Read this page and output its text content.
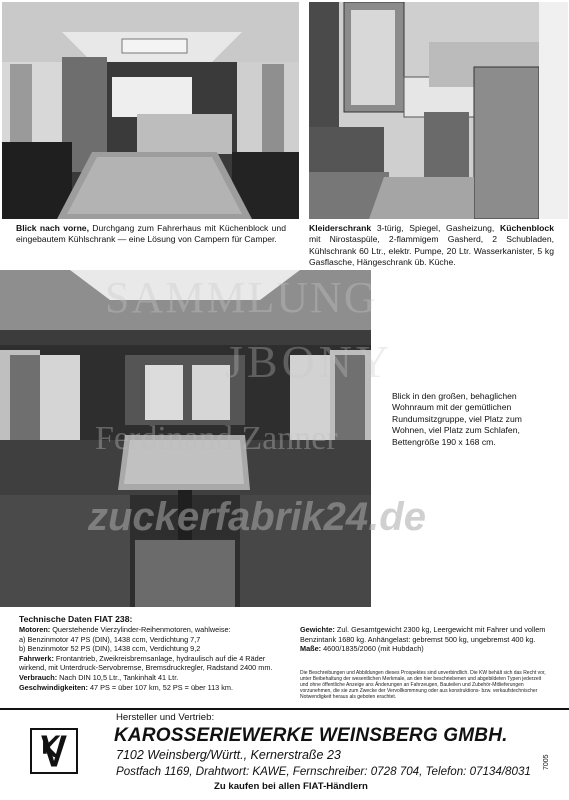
Blick nach vorne, Durchgang zum Fahrerhaus mit Küchenblock und eingebautem Kühlschrank — eine Lösung von Campern für Camper.
Kleiderschrank 3-türig, Spiegel, Gasheizung, Küchenblock mit Nirostaspüle, 2-flammigem Gasherd, 2 Schubladen, Kühlschrank 60 Ltr., elektr. Pumpe, 20 Ltr. Wasserkanister, 5 kg Gasflasche, Hängeschrank üb. Küche.
SAMMLUNG
JBONY
Ferdinand Zanner
zuckerfabrik24.de
Blick in den großen, behaglichen Wohnraum mit der gemütlichen Rundumsitzgruppe, viel Platz zum Wohnen, viel Platz zum Schlafen, Bettengröße 190 x 168 cm.
Technische Daten FIAT 238:
Motoren: Querstehende Vierzylinder-Reihenmotoren, wahlweise:
a) Benzinmotor 47 PS (DIN), 1438 ccm, Verdichtung 7,7
b) Benzinmotor 52 PS (DIN), 1438 ccm, Verdichtung 9,2
Fahrwerk: Frontantrieb, Zweikreisbremsanlage, hydraulisch auf die 4 Räder wirkend, mit Unterdruck-Servobremse, Bremsdruckregler, Radstand 2400 mm.
Verbrauch: Nach DIN 10,5 Ltr., Tankinhalt 41 Ltr.
Geschwindigkeiten: 47 PS = über 107 km, 52 PS = über 113 km.
Gewichte: Zul. Gesamtgewicht 2300 kg, Leergewicht mit Fahrer und vollem Benzintank 1680 kg. Anhängelast: gebremst 500 kg, ungebremst 400 kg.
Maße: 4600/1835/2060 (mit Hubdach)
Die Beschreibungen und Abbildungen dieses Prospektes sind unverbindlich. Die KW behält sich das Recht vor, unter Beibehaltung der wesentlichen Merkmale, an den hier beschriebenen und abgebildeten Typen jederzeit und ohne öffentliche Anzeige ans Änderungen an Fahrzeugen, Bauteilen und Zubehör-Mitlieferungen vorzunehmen, die sie zum Zwecke der Vervollkommnung oder aus konstruktions- bzw. verkaufstechnischer Notwendigkeit heraus als geboten erachtet.
Hersteller und Vertrieb:
KAROSSERIEWERKE WEINSBERG GMBH.
7102 Weinsberg/Württ., Kernerstraße 23
Postfach 1169, Drahtwort: KAWE, Fernschreiber: 0728 704, Telefon: 07134/8031
Zu kaufen bei allen FIAT-Händlern
7005
